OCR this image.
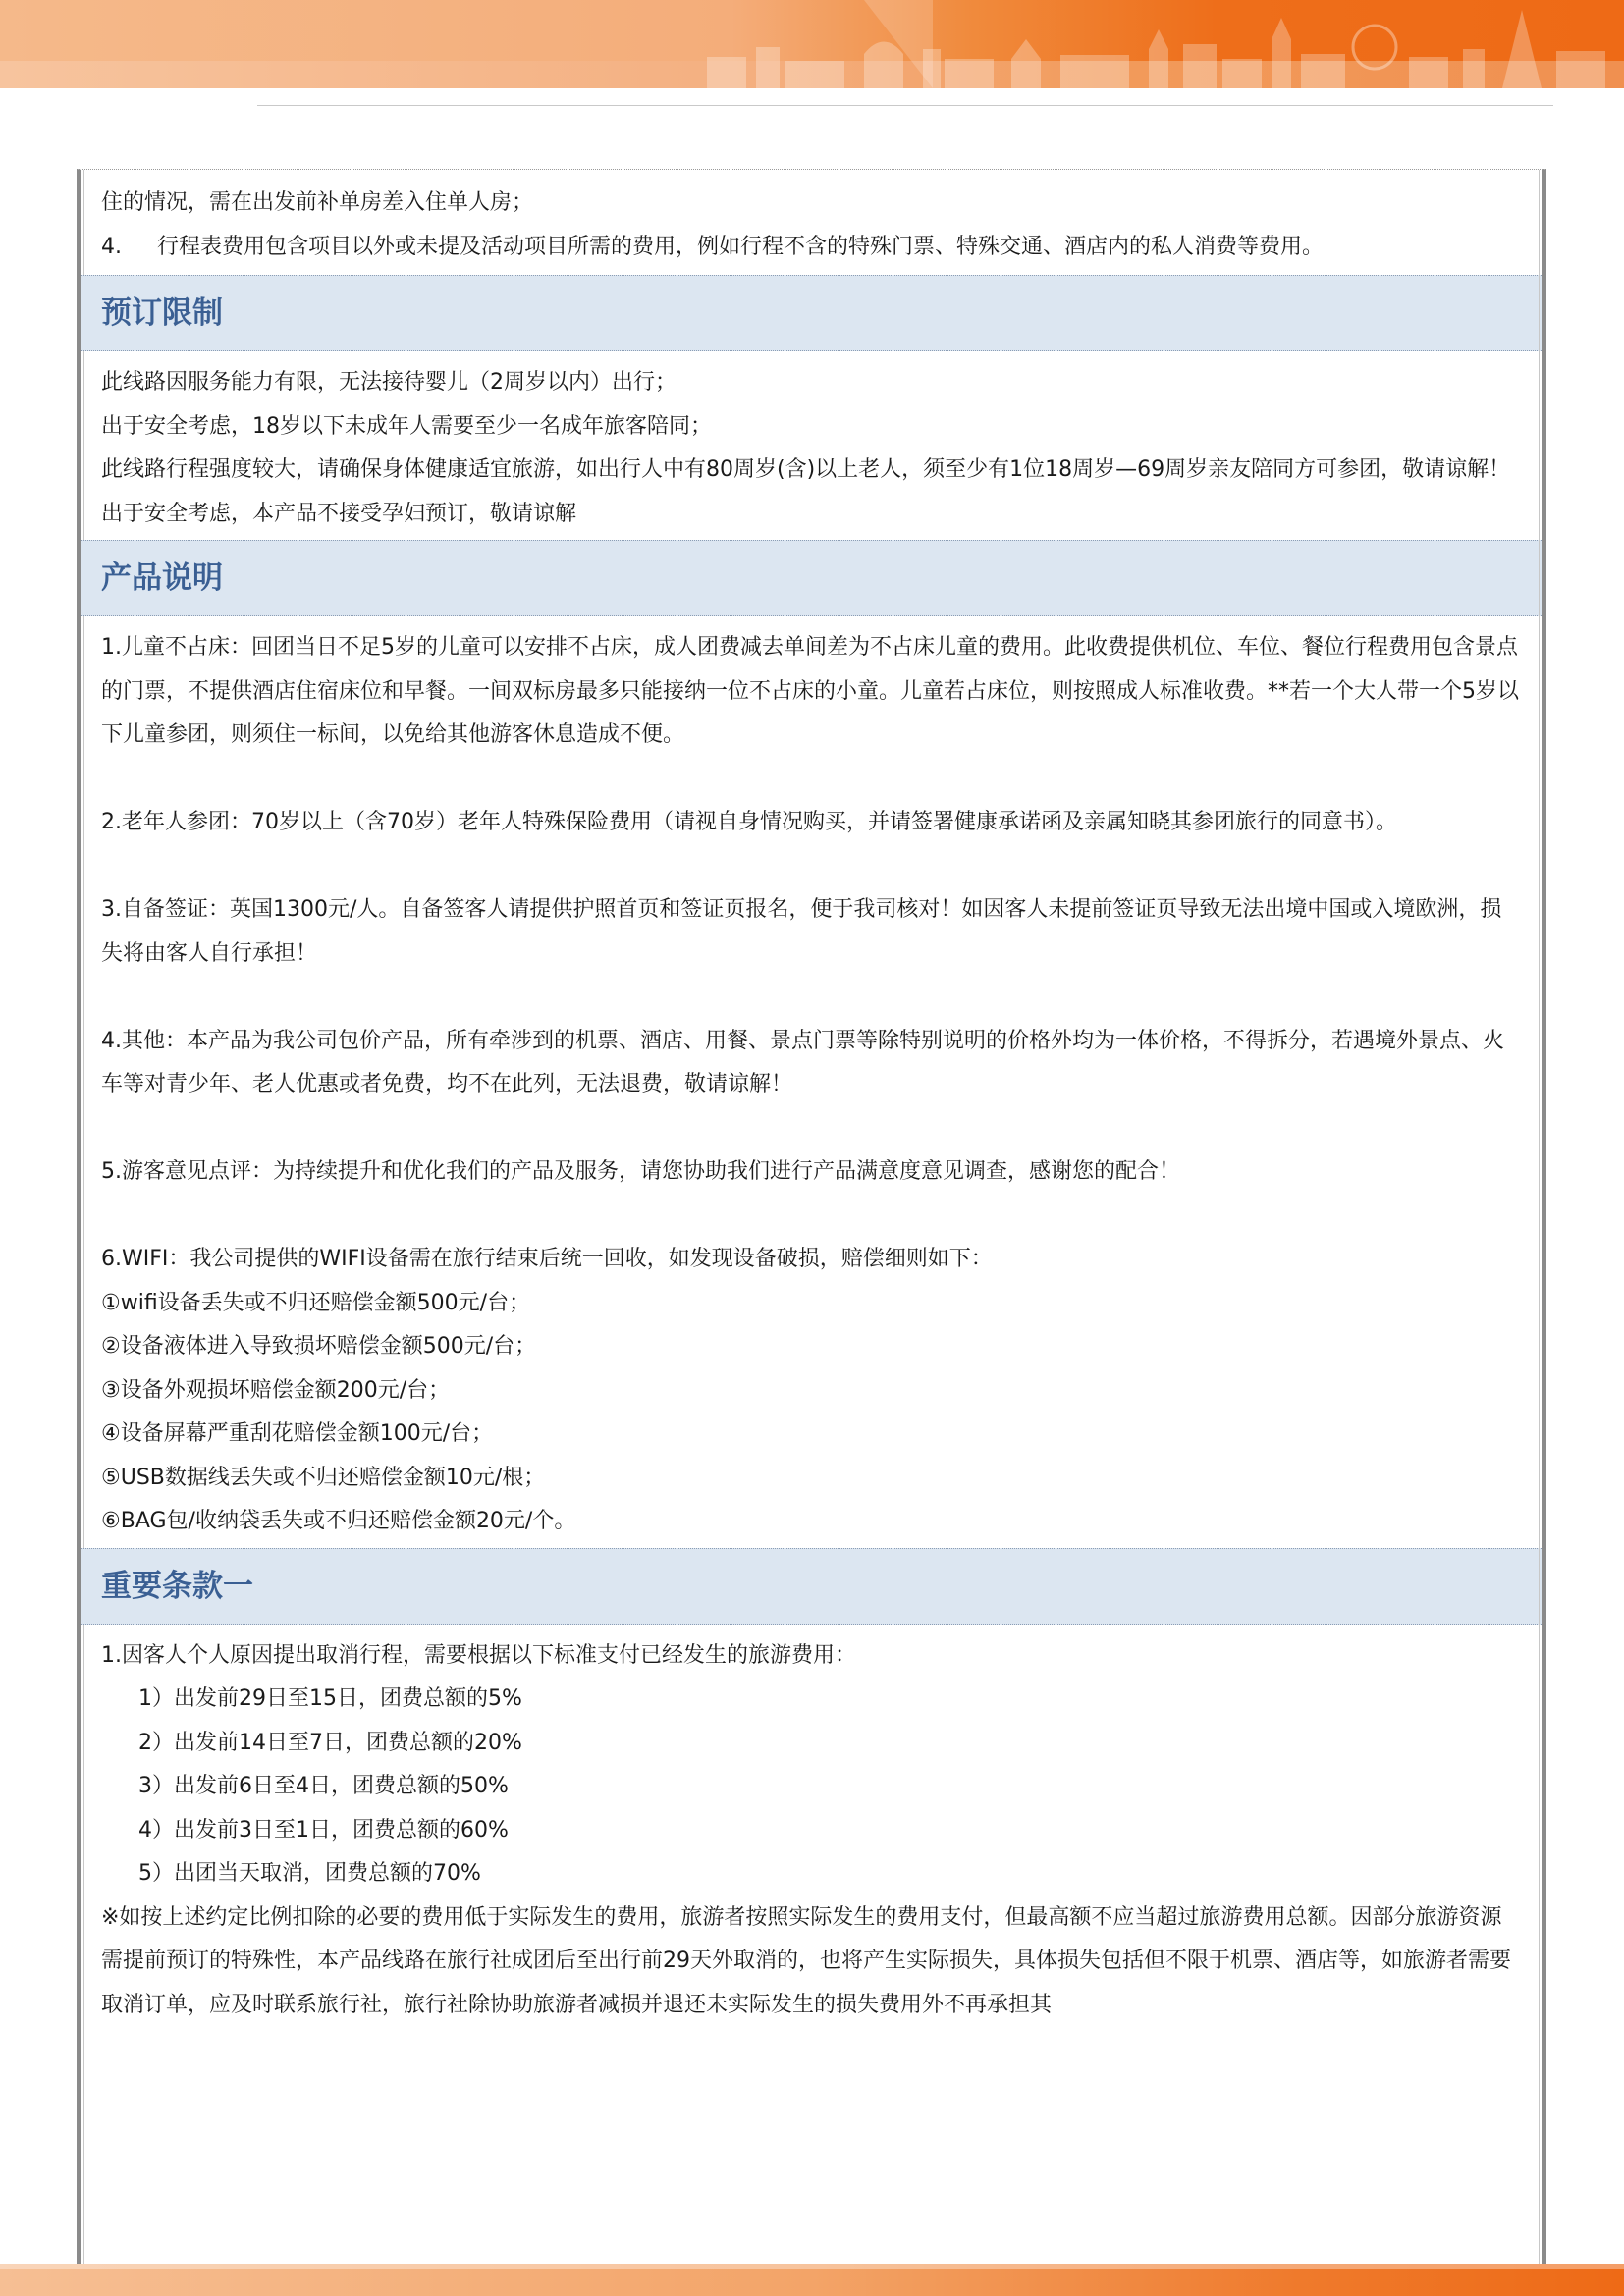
住的情况，需在出发前补单房差入住单人房；
4. 行程表费用包含项目以外或未提及活动项目所需的费用，例如行程不含的特殊门票、特殊交通、酒店内的私人消费等费用。
预订限制
此线路因服务能力有限，无法接待婴儿（2周岁以内）出行；
出于安全考虑，18岁以下未成年人需要至少一名成年旅客陪同；
此线路行程强度较大，请确保身体健康适宜旅游，如出行人中有80周岁(含)以上老人，须至少有1位18周岁—69周岁亲友陪同方可参团，敬请谅解！
出于安全考虑，本产品不接受孕妇预订，敬请谅解
产品说明
1.儿童不占床：回团当日不足5岁的儿童可以安排不占床，成人团费减去单间差为不占床儿童的费用。此收费提供机位、车位、餐位行程费用包含景点的门票，不提供酒店住宿床位和早餐。一间双标房最多只能接纳一位不占床的小童。儿童若占床位，则按照成人标准收费。**若一个大人带一个5岁以下儿童参团，则须住一标间，以免给其他游客休息造成不便。
2.老年人参团：70岁以上（含70岁）老年人特殊保险费用（请视自身情况购买，并请签署健康承诺函及亲属知晓其参团旅行的同意书）。
3.自备签证：英国1300元/人。自备签客人请提供护照首页和签证页报名，便于我司核对！如因客人未提前签证页导致无法出境中国或入境欧洲，损失将由客人自行承担！
4.其他：本产品为我公司包价产品，所有牵涉到的机票、酒店、用餐、景点门票等除特别说明的价格外均为一体价格，不得拆分，若遇境外景点、火车等对青少年、老人优惠或者免费，均不在此列，无法退费，敬请谅解！
5.游客意见点评：为持续提升和优化我们的产品及服务，请您协助我们进行产品满意度意见调查，感谢您的配合！
6.WIFI：我公司提供的WIFI设备需在旅行结束后统一回收，如发现设备破损，赔偿细则如下：
①wifi设备丢失或不归还赔偿金额500元/台；
②设备液体进入导致损坏赔偿金额500元/台；
③设备外观损坏赔偿金额200元/台；
④设备屏幕严重刮花赔偿金额100元/台；
⑤USB数据线丢失或不归还赔偿金额10元/根；
⑥BAG包/收纳袋丢失或不归还赔偿金额20元/个。
重要条款一
1.因客人个人原因提出取消行程，需要根据以下标准支付已经发生的旅游费用：
1）出发前29日至15日，团费总额的5%
2）出发前14日至7日，团费总额的20%
3）出发前6日至4日，团费总额的50%
4）出发前3日至1日，团费总额的60%
5）出团当天取消，团费总额的70%
※如按上述约定比例扣除的必要的费用低于实际发生的费用，旅游者按照实际发生的费用支付，但最高额不应当超过旅游费用总额。因部分旅游资源需提前预订的特殊性，本产品线路在旅行社成团后至出行前29天外取消的，也将产生实际损失，具体损失包括但不限于机票、酒店等，如旅游者需要取消订单，应及时联系旅行社，旅行社除协助旅游者减损并退还未实际发生的损失费用外不再承担其
